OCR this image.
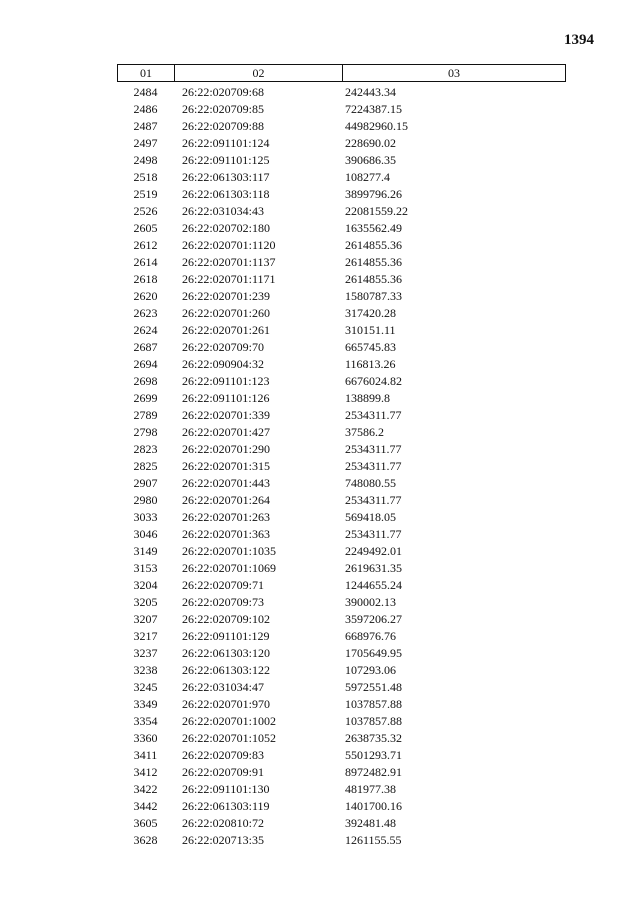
1394
01	02	03
2484	26:22:020709:68	242443.34
2486	26:22:020709:85	7224387.15
2487	26:22:020709:88	44982960.15
2497	26:22:091101:124	228690.02
2498	26:22:091101:125	390686.35
2518	26:22:061303:117	108277.4
2519	26:22:061303:118	3899796.26
2526	26:22:031034:43	22081559.22
2605	26:22:020702:180	1635562.49
2612	26:22:020701:1120	2614855.36
2614	26:22:020701:1137	2614855.36
2618	26:22:020701:1171	2614855.36
2620	26:22:020701:239	1580787.33
2623	26:22:020701:260	317420.28
2624	26:22:020701:261	310151.11
2687	26:22:020709:70	665745.83
2694	26:22:090904:32	116813.26
2698	26:22:091101:123	6676024.82
2699	26:22:091101:126	138899.8
2789	26:22:020701:339	2534311.77
2798	26:22:020701:427	37586.2
2823	26:22:020701:290	2534311.77
2825	26:22:020701:315	2534311.77
2907	26:22:020701:443	748080.55
2980	26:22:020701:264	2534311.77
3033	26:22:020701:263	569418.05
3046	26:22:020701:363	2534311.77
3149	26:22:020701:1035	2249492.01
3153	26:22:020701:1069	2619631.35
3204	26:22:020709:71	1244655.24
3205	26:22:020709:73	390002.13
3207	26:22:020709:102	3597206.27
3217	26:22:091101:129	668976.76
3237	26:22:061303:120	1705649.95
3238	26:22:061303:122	107293.06
3245	26:22:031034:47	5972551.48
3349	26:22:020701:970	1037857.88
3354	26:22:020701:1002	1037857.88
3360	26:22:020701:1052	2638735.32
3411	26:22:020709:83	5501293.71
3412	26:22:020709:91	8972482.91
3422	26:22:091101:130	481977.38
3442	26:22:061303:119	1401700.16
3605	26:22:020810:72	392481.48
3628	26:22:020713:35	1261155.55
